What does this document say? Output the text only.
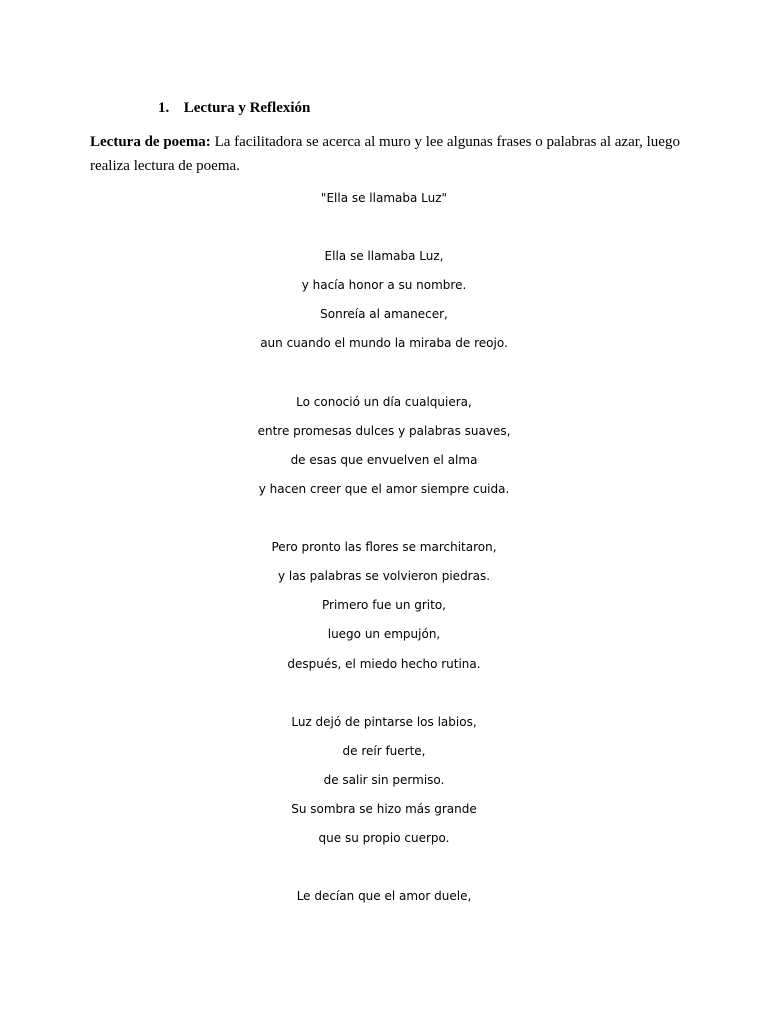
1. Lectura y Reflexión
Lectura de poema: La facilitadora se acerca al muro y lee algunas frases o palabras al azar, luego realiza lectura de poema.
"Ella se llamaba Luz"
Ella se llamaba Luz,
y hacía honor a su nombre.
Sonreía al amanecer,
aun cuando el mundo la miraba de reojo.
Lo conoció un día cualquiera,
entre promesas dulces y palabras suaves,
de esas que envuelven el alma
y hacen creer que el amor siempre cuida.
Pero pronto las flores se marchitaron,
y las palabras se volvieron piedras.
Primero fue un grito,
luego un empujón,
después, el miedo hecho rutina.
Luz dejó de pintarse los labios,
de reír fuerte,
de salir sin permiso.
Su sombra se hizo más grande
que su propio cuerpo.
Le decían que el amor duele,
